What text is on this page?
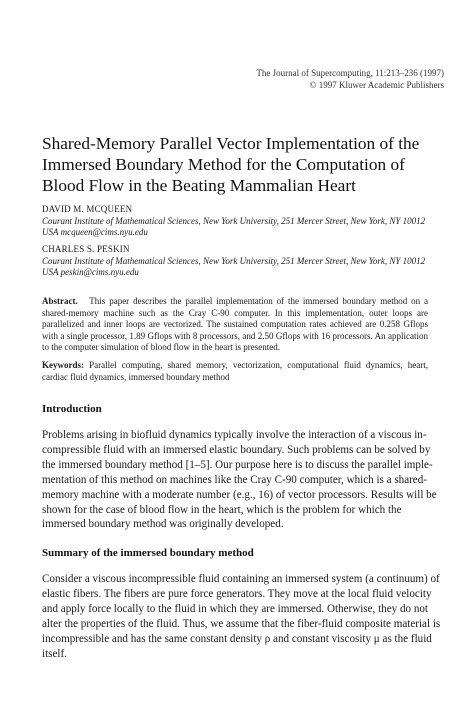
The Journal of Supercomputing, 11:213–236 (1997)
© 1997 Kluwer Academic Publishers
Shared-Memory Parallel Vector Implementation of the
Immersed Boundary Method for the Computation of
Blood Flow in the Beating Mammalian Heart
DAVID M. MCQUEEN
Courant Institute of Mathematical Sciences, New York University, 251 Mercer Street, New York, NY 10012
USA mcqueen@cims.nyu.edu
CHARLES S. PESKIN
Courant Institute of Mathematical Sciences, New York University, 251 Mercer Street, New York, NY 10012
USA peskin@cims.nyu.edu
Abstract. This paper describes the parallel implementation of the immersed boundary method on a shared-memory machine such as the Cray C-90 computer. In this implementation, outer loops are parallelized and inner loops are vectorized. The sustained computation rates achieved are 0.258 Gflops with a single processor, 1.89 Gflops with 8 processors, and 2.50 Gflops with 16 processors. An application to the computer simulation of blood flow in the heart is presented.
Keywords: Parallel computing, shared memory, vectorization, computational fluid dynamics, heart, cardiac fluid dynamics, immersed boundary method
Introduction
Problems arising in biofluid dynamics typically involve the interaction of a viscous in-
compressible fluid with an immersed elastic boundary. Such problems can be solved by
the immersed boundary method [1–5]. Our purpose here is to discuss the parallel imple-
mentation of this method on machines like the Cray C-90 computer, which is a shared-
memory machine with a moderate number (e.g., 16) of vector processors. Results will be
shown for the case of blood flow in the heart, which is the problem for which the
immersed boundary method was originally developed.
Summary of the immersed boundary method
Consider a viscous incompressible fluid containing an immersed system (a continuum) of
elastic fibers. The fibers are pure force generators. They move at the local fluid velocity
and apply force locally to the fluid in which they are immersed. Otherwise, they do not
alter the properties of the fluid. Thus, we assume that the fiber-fluid composite material is
incompressible and has the same constant density ρ and constant viscosity μ as the fluid
itself.
